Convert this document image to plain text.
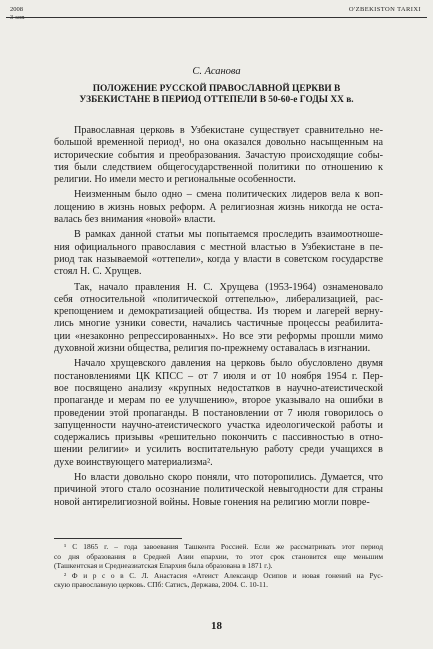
2008
3-son
O'ZBEKISTON TARIXI
С. Асанова
ПОЛОЖЕНИЕ РУССКОЙ ПРАВОСЛАВНОЙ ЦЕРКВИ В
УЗБЕКИСТАНЕ В ПЕРИОД ОТТЕПЕЛИ В 50-60-е ГОДЫ XX в.
Православная церковь в Узбекистане существует сравнительно не-
большой временной период¹, но она оказался довольно насыщенным на
исторические события и преобразования. Зачастую происходящие собы-
тия были следствием общегосударственной политики по отношению к
религии. Но имели место и региональные особенности.
Неизменным было одно – смена политических лидеров вела к воп-
лощению в жизнь новых реформ. А религиозная жизнь никогда не оста-
валась без внимания «новой» власти.
В рамках данной статьи мы попытаемся проследить взаимоотноше-
ния официального православия с местной властью в Узбекистане в пе-
риод так называемой «оттепели», когда у власти в советском государстве
стоял Н. С. Хрущев.
Так, начало правления Н. С. Хрущева (1953-1964) ознаменовало
себя относительной «политической оттепелью», либерализацией, рас-
крепощением и демократизацией общества. Из тюрем и лагерей верну-
лись многие узники совести, начались частичные процессы реабилита-
ции «незаконно репрессированных». Но все эти реформы прошли мимо
духовной жизни общества, религия по-прежнему оставалась в изгнании.
Начало хрущевского давления на церковь было обусловлено двумя
постановлениями ЦК КПСС – от 7 июля и от 10 ноября 1954 г. Пер-
вое посвящено анализу «крупных недостатков в научно-атеистической
пропаганде и мерам по ее улучшению», второе указывало на ошибки в
проведении этой пропаганды. В постановлении от 7 июля говорилось о
запущенности научно-атеистического участка идеологической работы и
содержались призывы «решительно покончить с пассивностью в отно-
шении религии» и усилить воспитательную работу среди учащихся в
духе воинствующего материализма².
Но власти довольно скоро поняли, что поторопились. Думается, что
причиной этого стало осознание политической невыгодности для страны
новой антирелигиозной войны. Новые гонения на религию могли повре-
¹ С 1865 г. – года завоевания Ташкента Россией. Если же рассматривать этот период
со дня образования в Средней Азии епархии, то этот срок становится еще меньшим
(Ташкентская и Среднеазиатская Епархия была образована в 1871 г.).
² Ф и р с о в С. Л. Анастасия «Атеист Александр Осипов и новая гонений на Рус-
скую православную церковь. СПб: Сатисъ, Держава, 2004. С. 10-11.
18
